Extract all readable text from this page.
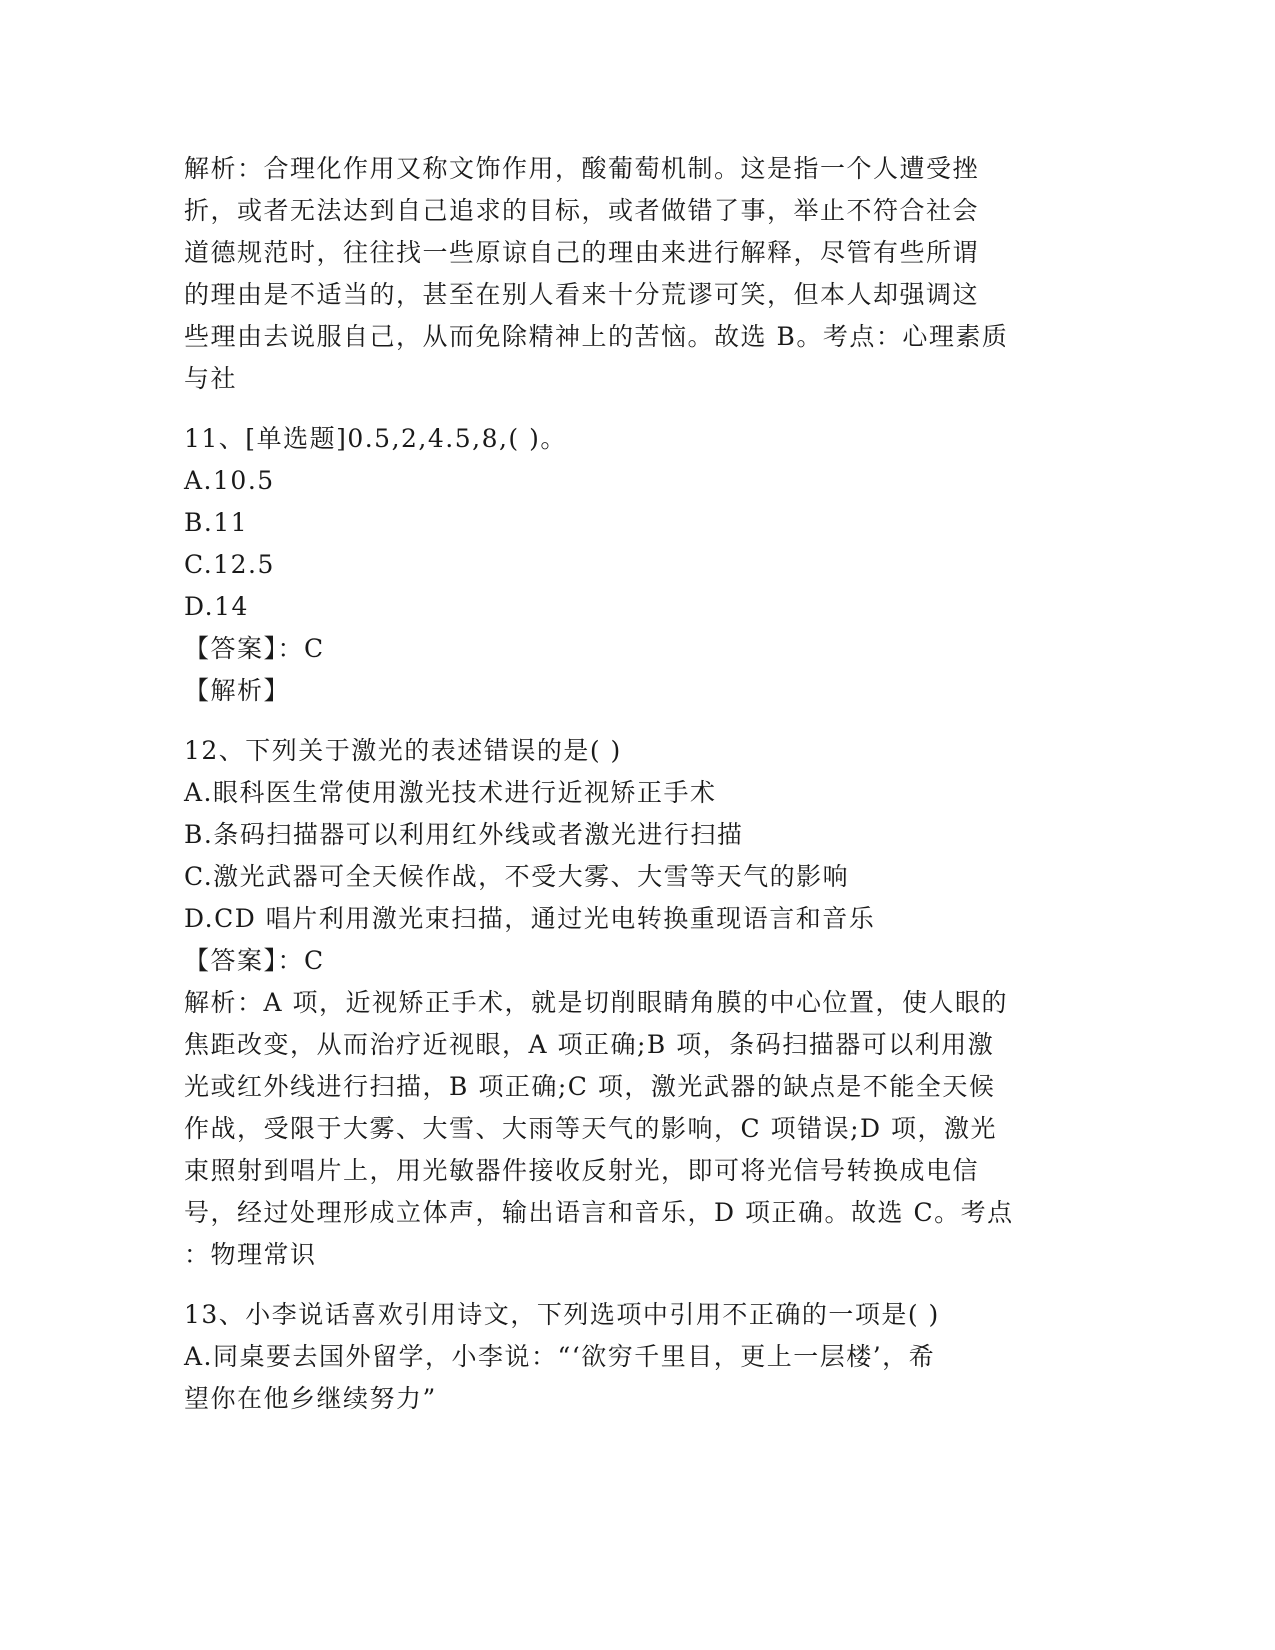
解析：合理化作用又称文饰作用，酸葡萄机制。这是指一个人遭受挫
折，或者无法达到自己追求的目标，或者做错了事，举止不符合社会
道德规范时，往往找一些原谅自己的理由来进行解释，尽管有些所谓
的理由是不适当的，甚至在别人看来十分荒谬可笑，但本人却强调这
些理由去说服自己，从而免除精神上的苦恼。故选 B。考点：心理素质
与社
11、[单选题]0.5,2,4.5,8,( )。
A.10.5
B.11
C.12.5
D.14
【答案】：C
【解析】
12、下列关于激光的表述错误的是( )
A.眼科医生常使用激光技术进行近视矫正手术
B.条码扫描器可以利用红外线或者激光进行扫描
C.激光武器可全天候作战，不受大雾、大雪等天气的影响
D.CD 唱片利用激光束扫描，通过光电转换重现语言和音乐
【答案】：C
解析：A 项，近视矫正手术，就是切削眼睛角膜的中心位置，使人眼的
焦距改变，从而治疗近视眼，A 项正确;B 项，条码扫描器可以利用激
光或红外线进行扫描，B 项正确;C 项，激光武器的缺点是不能全天候
作战，受限于大雾、大雪、大雨等天气的影响，C 项错误;D 项，激光
束照射到唱片上，用光敏器件接收反射光，即可将光信号转换成电信
号，经过处理形成立体声，输出语言和音乐，D 项正确。故选 C。考点
：物理常识
13、小李说话喜欢引用诗文，下列选项中引用不正确的一项是( )
A.同桌要去国外留学，小李说：“‘欲穷千里目，更上一层楼’，希
望你在他乡继续努力”
